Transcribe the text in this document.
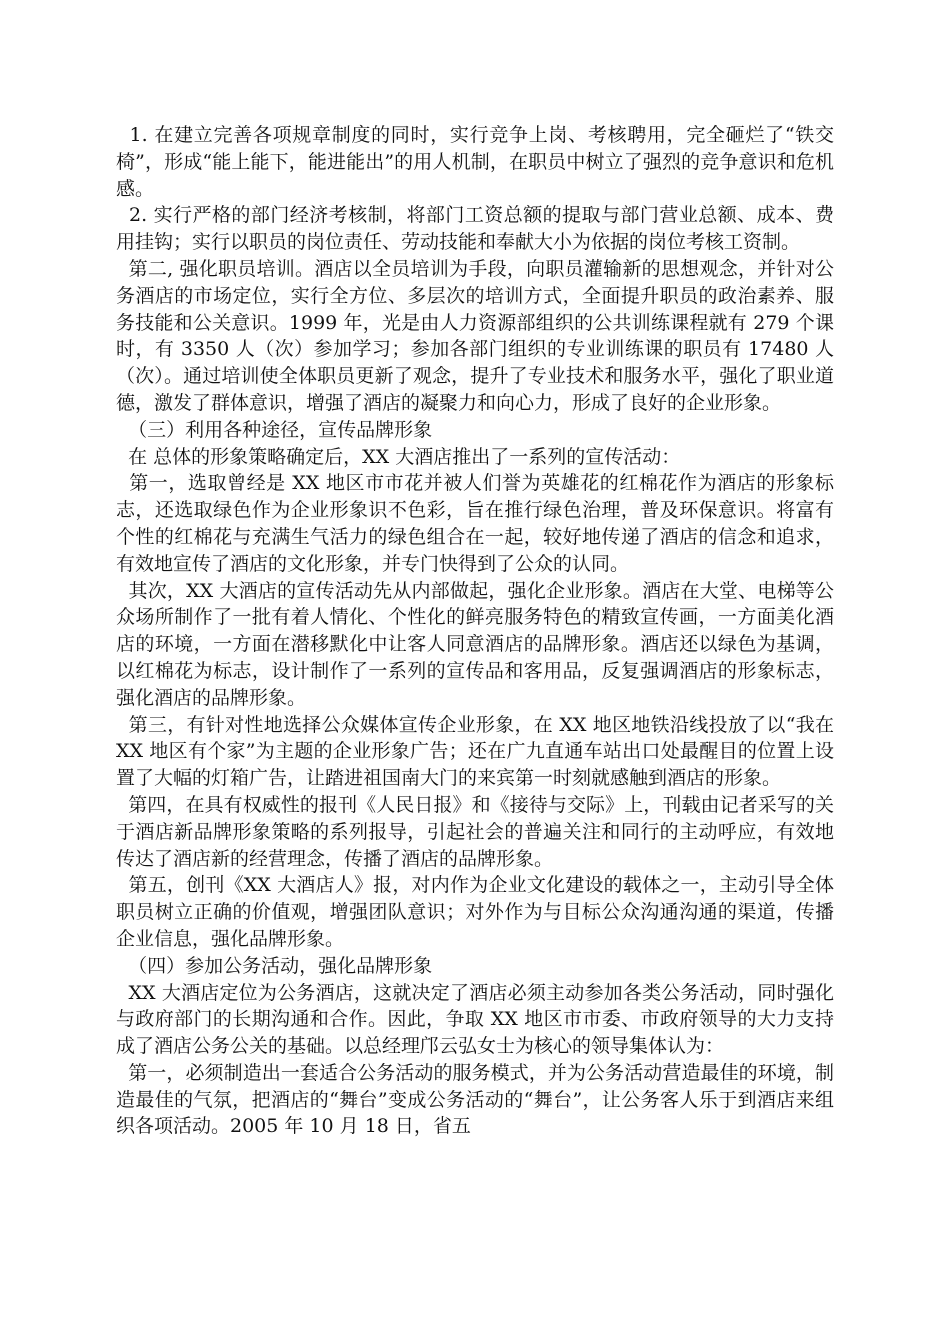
1. 在建立完善各项规章制度的同时，实行竞争上岗、考核聘用，完全砸烂了“铁交椅”，形成“能上能下，能进能出”的用人机制，在职员中树立了强烈的竞争意识和危机感。

2. 实行严格的部门经济考核制，将部门工资总额的提取与部门营业总额、成本、费用挂钩；实行以职员的岗位责任、劳动技能和奉献大小为依据的岗位考核工资制。

第二, 强化职员培训。酒店以全员培训为手段，向职员灌输新的思想观念，并针对公务酒店的市场定位，实行全方位、多层次的培训方式，全面提升职员的政治素养、服务技能和公关意识。1999 年，光是由人力资源部组织的公共训练课程就有 279 个课时，有 3350 人（次）参加学习；参加各部门组织的专业训练课的职员有 17480 人（次）。通过培训使全体职员更新了观念，提升了专业技术和服务水平，强化了职业道德，激发了群体意识，增强了酒店的凝聚力和向心力，形成了良好的企业形象。

（三）利用各种途径，宣传品牌形象

在 总体的形象策略确定后，XX 大酒店推出了一系列的宣传活动：

第一，选取曾经是 XX 地区市市花并被人们誉为英雄花的红棉花作为酒店的形象标志，还选取绿色作为企业形象识不色彩，旨在推行绿色治理，普及环保意识。将富有个性的红棉花与充满生气活力的绿色组合在一起，较好地传递了酒店的信念和追求，有效地宣传了酒店的文化形象，并专门快得到了公众的认同。

其次，XX 大酒店的宣传活动先从内部做起，强化企业形象。酒店在大堂、电梯等公众场所制作了一批有着人情化、个性化的鲜亮服务特色的精致宣传画，一方面美化酒店的环境，一方面在潜移默化中让客人同意酒店的品牌形象。酒店还以绿色为基调，以红棉花为标志，设计制作了一系列的宣传品和客用品，反复强调酒店的形象标志，强化酒店的品牌形象。

第三，有针对性地选择公众媒体宣传企业形象，在 XX 地区地铁沿线投放了以“我在 XX 地区有个家”为主题的企业形象广告；还在广九直通车站出口处最醒目的位置上设置了大幅的灯箱广告，让踏进祖国南大门的来宾第一时刻就感触到酒店的形象。

第四，在具有权威性的报刊《人民日报》和《接待与交际》上，刊载由记者采写的关于酒店新品牌形象策略的系列报导，引起社会的普遍关注和同行的主动呼应，有效地传达了酒店新的经营理念，传播了酒店的品牌形象。

第五，创刊《XX 大酒店人》报，对内作为企业文化建设的载体之一，主动引导全体职员树立正确的价值观，增强团队意识；对外作为与目标公众沟通沟通的渠道，传播企业信息，强化品牌形象。

（四）参加公务活动，强化品牌形象

XX 大酒店定位为公务酒店，这就决定了酒店必须主动参加各类公务活动，同时强化与政府部门的长期沟通和合作。因此，争取 XX 地区市市委、市政府领导的大力支持成了酒店公务公关的基础。以总经理邝云弘女士为核心的领导集体认为：

第一，必须制造出一套适合公务活动的服务模式，并为公务活动营造最佳的环境，制造最佳的气氛，把酒店的“舞台”变成公务活动的“舞台”，让公务客人乐于到酒店来组织各项活动。2005 年 10 月 18 日，省五
